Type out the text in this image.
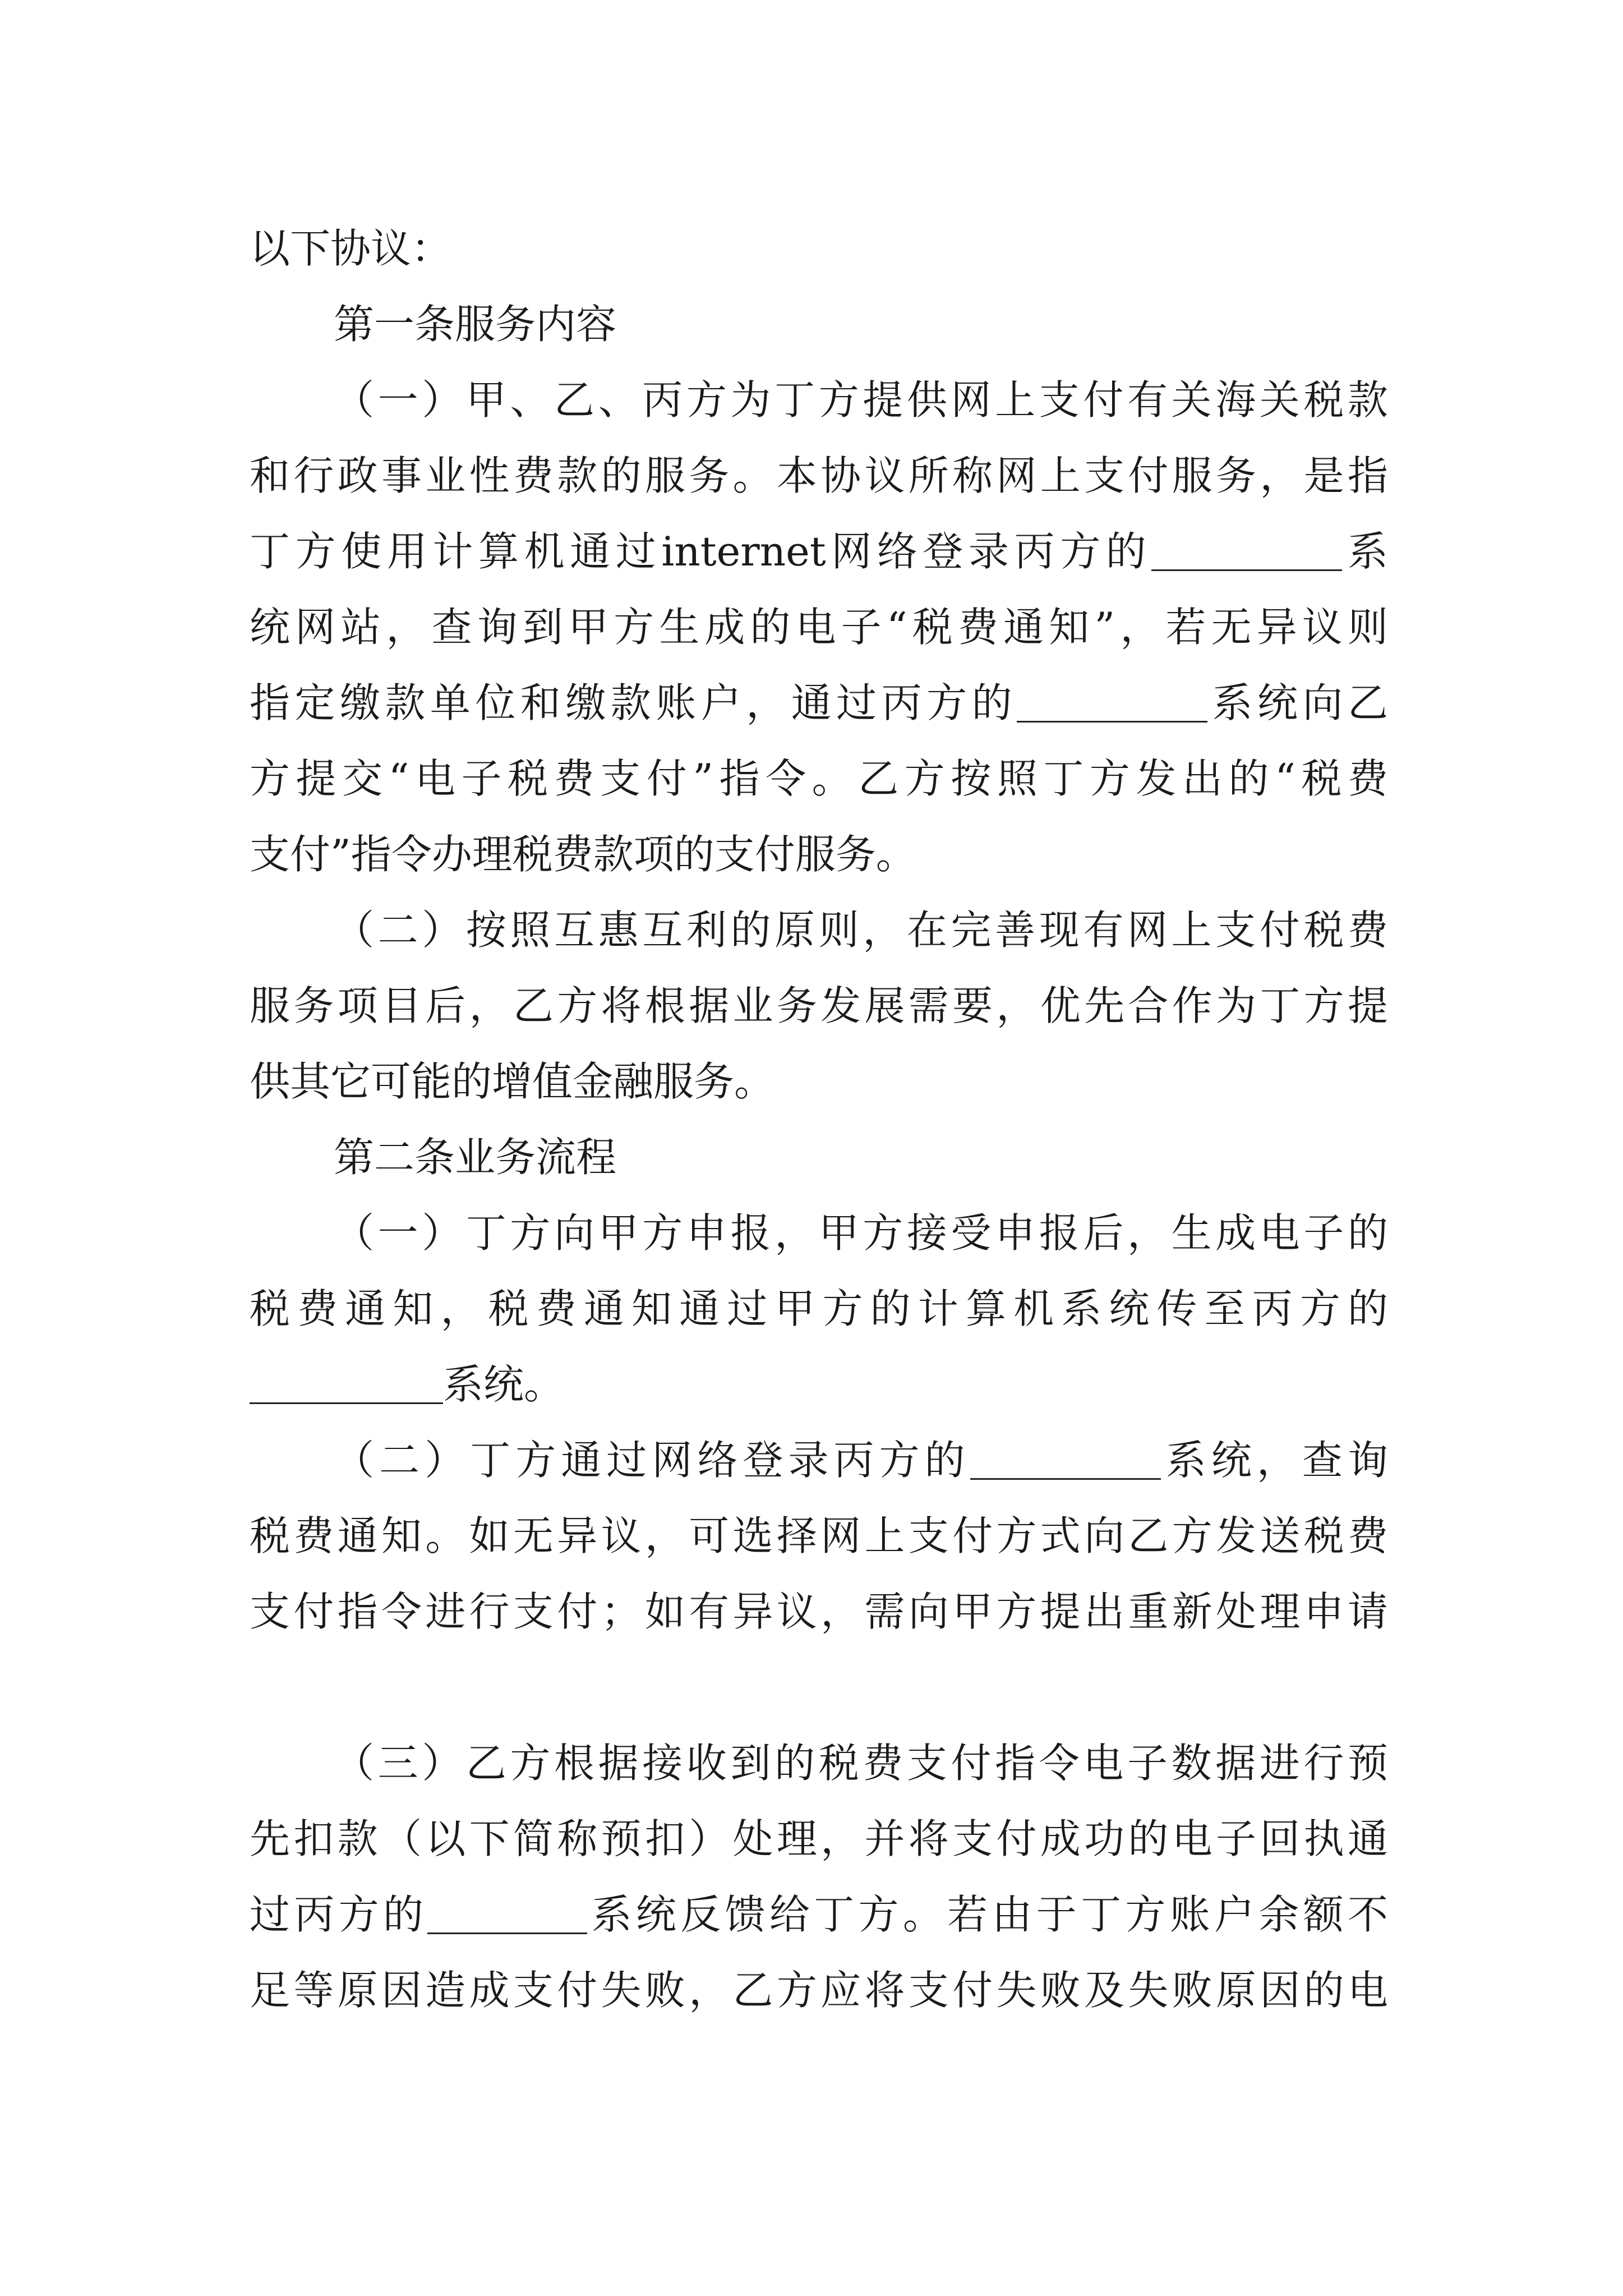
以下协议：
第一条服务内容
（一）甲、乙、丙方为丁方提供网上支付有关海关税款
和行政事业性费款的服务。本协议所称网上支付服务，是指
丁方使用计算机通过internet网络登录丙方的	系
统网站，查询到甲方生成的电子“税费通知”，若无异议则
指定缴款单位和缴款账户，通过丙方的	系统向乙
方提交“电子税费支付”指令。乙方按照丁方发出的“税费
支付”指令办理税费款项的支付服务。
（二）按照互惠互利的原则，在完善现有网上支付税费
服务项目后，乙方将根据业务发展需要，优先合作为丁方提
供其它可能的增值金融服务。
第二条业务流程
（一）丁方向甲方申报，甲方接受申报后，生成电子的
税费通知，税费通知通过甲方的计算机系统传至丙方的
系统。
（二）丁方通过网络登录丙方的	系统，查询
税费通知。如无异议，可选择网上支付方式向乙方发送税费
支付指令进行支付；如有异议，需向甲方提出重新处理申请
（三）乙方根据接收到的税费支付指令电子数据进行预
先扣款（以下简称预扣）处理，并将支付成功的电子回执通
过丙方的	系统反馈给丁方。若由于丁方账户余额不
足等原因造成支付失败，乙方应将支付失败及失败原因的电
